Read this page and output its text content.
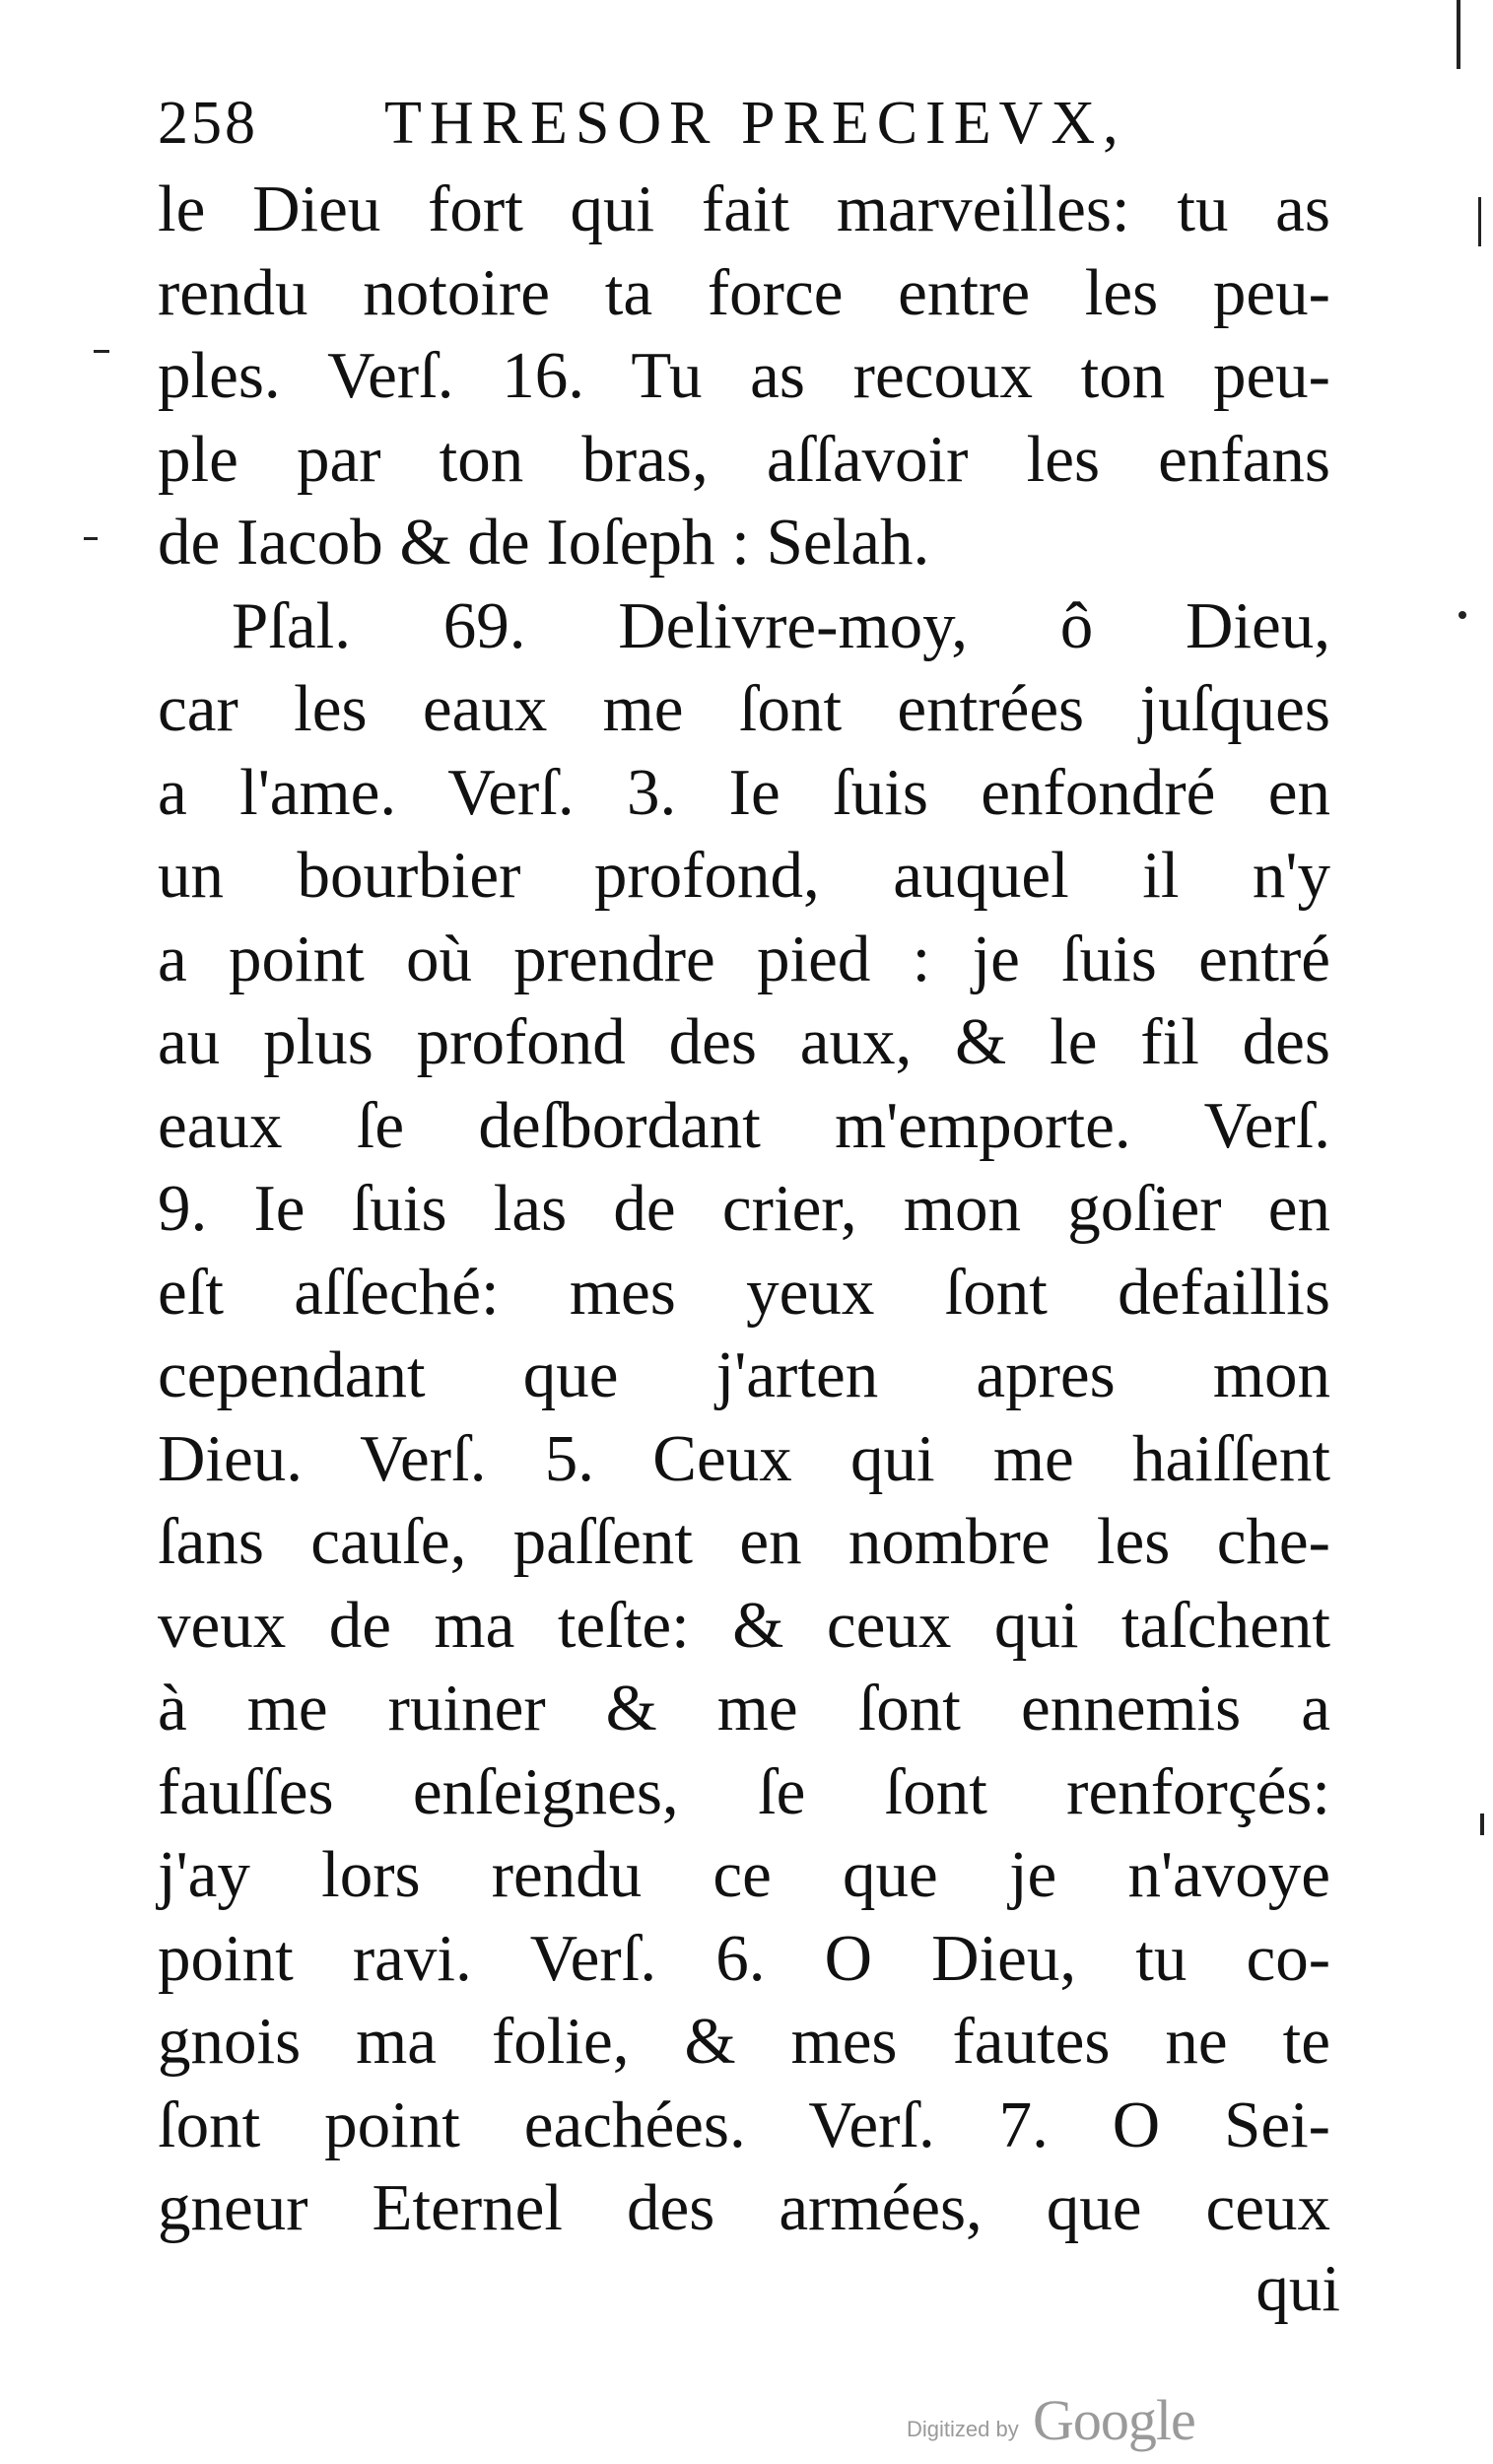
258 THRESOR PRECIEVX,
le Dieu fort qui fait marveilles: tu as
rendu notoire ta force entre les peu-
ples. Verſ. 16. Tu as recoux ton peu-
ple par ton bras, aſſavoir les enfans
de Iacob & de Ioſeph : Selah.
Pſal. 69. Delivre-moy, ô Dieu,
car les eaux me ſont entrées juſques
a l'ame. Verſ. 3. Ie ſuis enfondré en
un bourbier profond, auquel il n'y
a point où prendre pied : je ſuis entré
au plus profond des aux, & le fil des
eaux ſe deſbordant m'emporte. Verſ.
9. Ie ſuis las de crier, mon goſier en
eſt aſſeché: mes yeux ſont defaillis
cependant que j'arten apres mon
Dieu. Verſ. 5. Ceux qui me haiſſent
ſans cauſe, paſſent en nombre les che-
veux de ma teſte: & ceux qui taſchent
à me ruiner & me ſont ennemis a
fauſſes enſeignes, ſe ſont renforçés:
j'ay lors rendu ce que je n'avoye
point ravi. Verſ. 6. O Dieu, tu co-
gnois ma folie, & mes fautes ne te
ſont point eachées. Verſ. 7. O Sei-
gneur Eternel des armées, que ceux
qui
Digitized by Google
